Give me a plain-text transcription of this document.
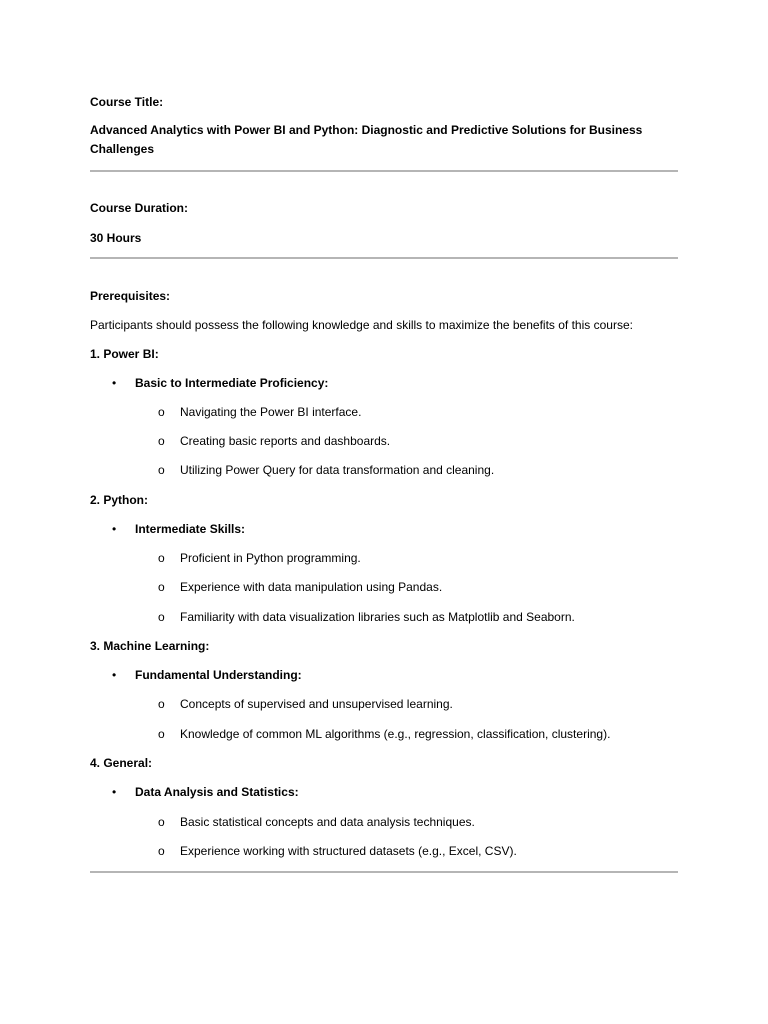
Course Title:
Advanced Analytics with Power BI and Python: Diagnostic and Predictive Solutions for Business Challenges
Course Duration:
30 Hours
Prerequisites:
Participants should possess the following knowledge and skills to maximize the benefits of this course:
1. Power BI:
• Basic to Intermediate Proficiency:
o Navigating the Power BI interface.
o Creating basic reports and dashboards.
o Utilizing Power Query for data transformation and cleaning.
2. Python:
• Intermediate Skills:
o Proficient in Python programming.
o Experience with data manipulation using Pandas.
o Familiarity with data visualization libraries such as Matplotlib and Seaborn.
3. Machine Learning:
• Fundamental Understanding:
o Concepts of supervised and unsupervised learning.
o Knowledge of common ML algorithms (e.g., regression, classification, clustering).
4. General:
• Data Analysis and Statistics:
o Basic statistical concepts and data analysis techniques.
o Experience working with structured datasets (e.g., Excel, CSV).
